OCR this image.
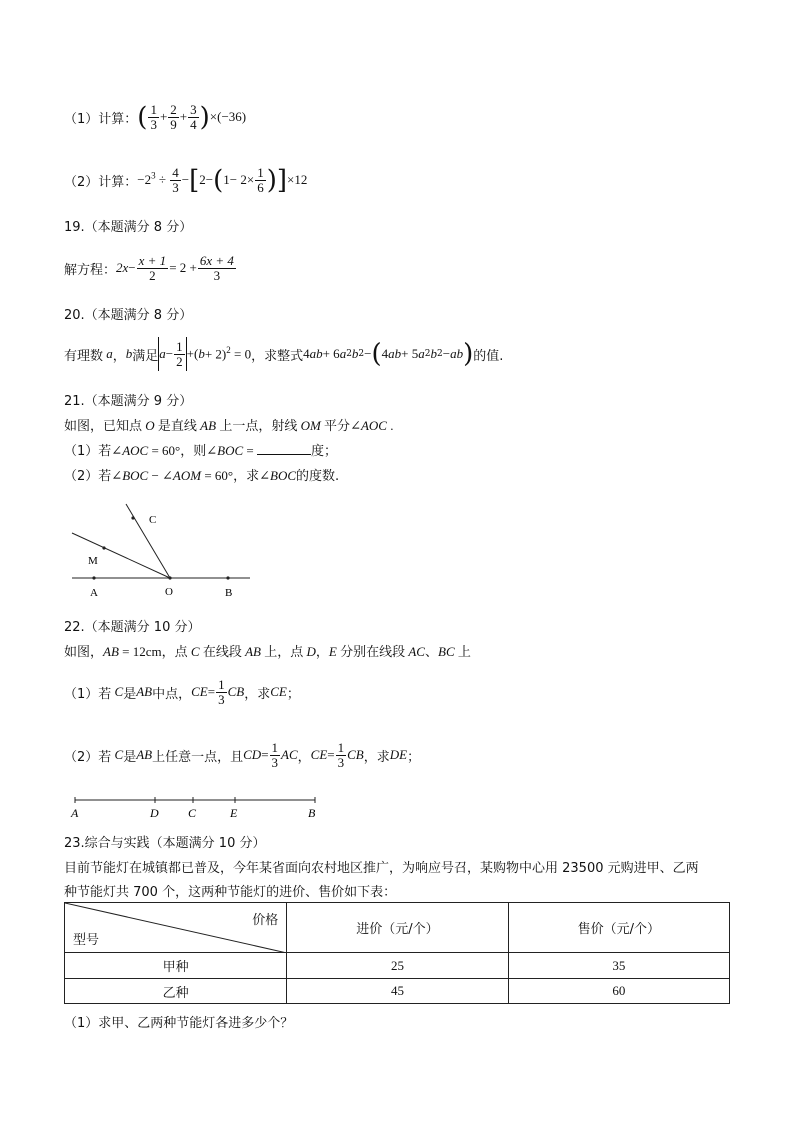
（1）计算： ( $\frac{1}{3} + \frac{2}{9} + \frac{3}{4} )\times(-36)$
（2）计算： $-2^3 \div \frac{4}{3} -[2-(1- 2\times \frac{1}{6} )]\times 12$
19.（本题满分 8 分）
解方程： $2x - \frac{x + 1}{2} = 2 + \frac{6x + 4}{3}$
20.（本题满分 8 分）
有理数 a ， b 满足 $a - \frac{1}{2}$ +( b + 2)$^2$ = 0 ，求整式 4 ab + 6 a 2 b 2 − ( 4 ab + 5 a 2 b 2 − ab ) 的值.
21.（本题满分 9 分）
如图，已知点 O 是直线 AB 上一点，射线 OM 平分∠AOC .
（1）若∠AOC = 60°，则∠BOC =	度；
（2）若∠BOC − ∠AOM = 60°，求∠BOC的度数.
C
M
A	O	B
22.（本题满分 10 分）
如图，AB = 12cm，点 C 在线段 AB 上，点 D，E 分别在线段 AC、BC 上
（1）若 C 是 AB 中点， CE = $\frac{1}{3}$ CB ，求 CE ；
（2）若 C 是 AB 上任意一点，且 CD = $\frac{1}{3}$ AC ， CE = $\frac{1}{3}$ CB ，求 DE ；
A	D C	E	B
23.综合与实践（本题满分 10 分）
目前节能灯在城镇都已普及，今年某省面向农村地区推广，为响应号召，某购物中心用 23500 元购进甲、乙两
种节能灯共 700 个，这两种节能灯的进价、售价如下表：
价格
型号	进价（元/个）	售价（元/个）
甲种	25	35
乙种	45	60
（1）求甲、乙两种节能灯各进多少个？
